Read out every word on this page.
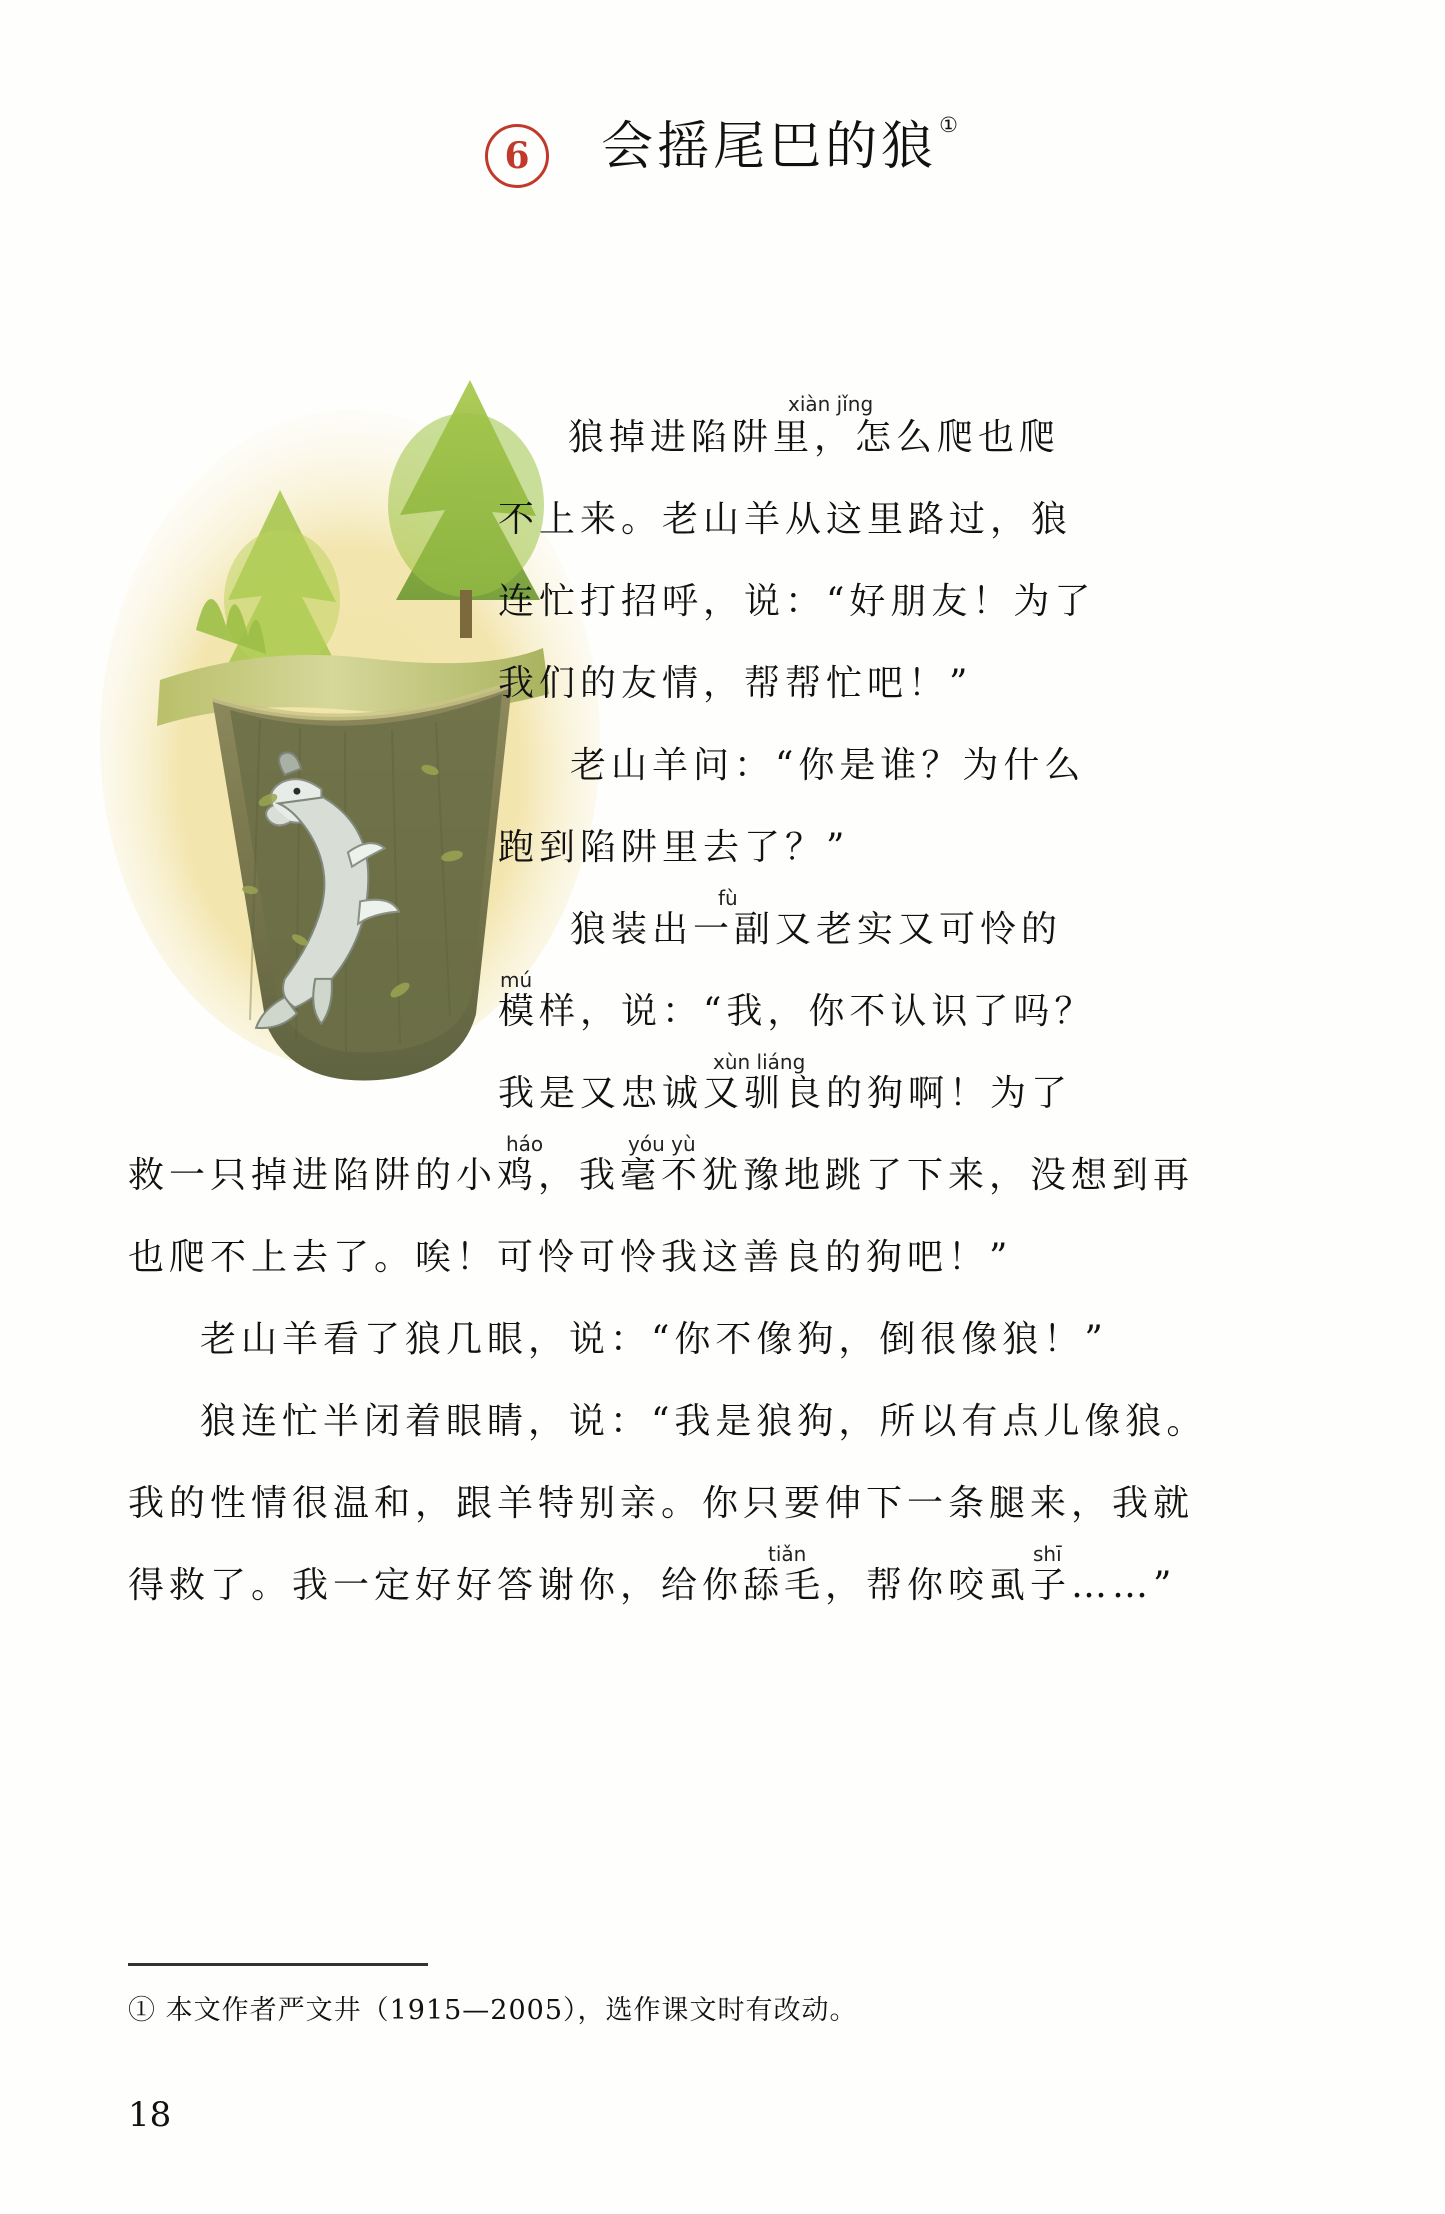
6	会摇尾巴的狼①
xiàn jǐng
狼掉进陷阱里，怎么爬也爬
不上来。老山羊从这里路过，狼
连忙打招呼，说：“好朋友！为了
我们的友情，帮帮忙吧！”
老山羊问：“你是谁？为什么
跑到陷阱里去了？”
fù
狼装出一副又老实又可怜的
mú
模样，说：“我，你不认识了吗？
xùn liáng
我是又忠诚又驯良的狗啊！为了
háo	yóu yù
救一只掉进陷阱的小鸡，我毫不犹豫地跳了下来，没想到再
也爬不上去了。唉！可怜可怜我这善良的狗吧！”
老山羊看了狼几眼，说：“你不像狗，倒很像狼！”
狼连忙半闭着眼睛，说：“我是狼狗，所以有点儿像狼。
我的性情很温和，跟羊特别亲。你只要伸下一条腿来，我就
tiǎn	shī
得救了。我一定好好答谢你，给你舔毛，帮你咬虱子……”
① 本文作者严文井（1915—2005），选作课文时有改动。
18
